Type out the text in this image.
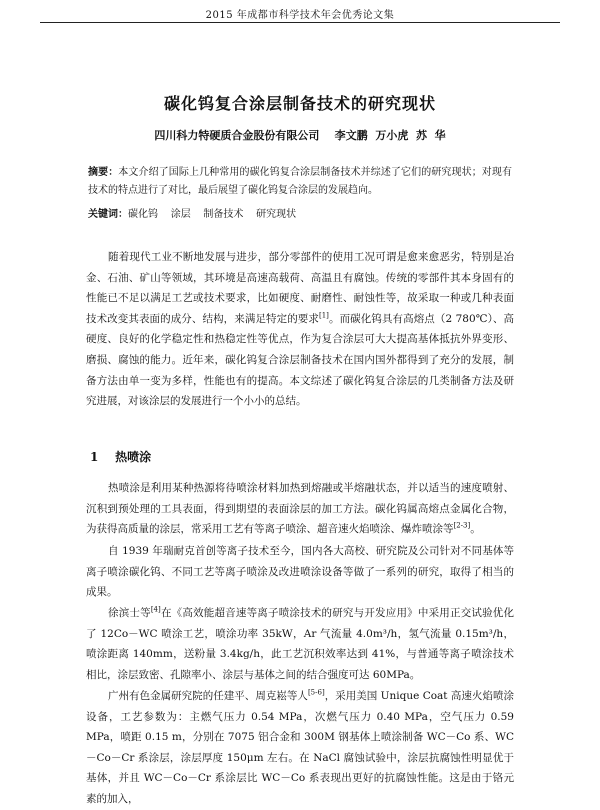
2015 年成都市科学技术年会优秀论文集
碳化钨复合涂层制备技术的研究现状
四川科力特硬质合金股份有限公司 李文鹏  万小虎  苏  华
摘要：本文介绍了国际上几种常用的碳化钨复合涂层制备技术并综述了它们的研究现状；对现有技术的特点进行了对比，最后展望了碳化钨复合涂层的发展趋向。
关键词：碳化钨    涂层    制备技术    研究现状
随着现代工业不断地发展与进步，部分零部件的使用工况可谓是愈来愈恶劣，特别是冶金、石油、矿山等领域，其环境是高速高载荷、高温且有腐蚀。传统的零部件其本身固有的性能已不足以满足工艺或技术要求，比如硬度、耐磨性、耐蚀性等，故采取一种或几种表面技术改变其表面的成分、结构，来满足特定的要求[1]。而碳化钨具有高熔点（2 780℃）、高硬度、良好的化学稳定性和热稳定性等优点，作为复合涂层可大大提高基体抵抗外界变形、磨损、腐蚀的能力。近年来，碳化钨复合涂层制备技术在国内国外都得到了充分的发展，制备方法由单一变为多样，性能也有的提高。本文综述了碳化钨复合涂层的几类制备方法及研究进展，对该涂层的发展进行一个小小的总结。
1 热喷涂
热喷涂是利用某种热源将待喷涂材料加热到熔融或半熔融状态，并以适当的速度喷射、沉积到预处理的工具表面，得到期望的表面涂层的加工方法。碳化钨属高熔点金属化合物，为获得高质量的涂层，常采用工艺有等离子喷涂、超音速火焰喷涂、爆炸喷涂等[2-3]。
自 1939 年瑞耐克首创等离子技术至今，国内各大高校、研究院及公司针对不同基体等离子喷涂碳化钨、不同工艺等离子喷涂及改进喷涂设备等做了一系列的研究，取得了相当的成果。
徐滨士等[4]在《高效能超音速等离子喷涂技术的研究与开发应用》中采用正交试验优化了 12Co－WC 喷涂工艺，喷涂功率 35kW，Ar 气流量 4.0m³/h，氢气流量 0.15m³/h，喷涂距离 140mm，送粉量 3.4kg/h，此工艺沉积效率达到 41%，与普通等离子喷涂技术相比，涂层致密、孔隙率小、涂层与基体之间的结合强度可达 60MPa。
广州有色金属研究院的任建平、周克崧等人[5-6]，采用美国 Unique Coat 高速火焰喷涂设备，工艺参数为：主燃气压力 0.54 MPa，次燃气压力 0.40 MPa，空气压力 0.59 MPa，喷距 0.15 m，分别在 7075 铝合金和 300M 钢基体上喷涂制备 WC－Co 系、WC－Co－Cr 系涂层，涂层厚度 150μm 左右。在 NaCl 腐蚀试验中，涂层抗腐蚀性明显优于基体，并且 WC－Co－Cr 系涂层比 WC－Co 系表现出更好的抗腐蚀性能。这是由于铬元素的加入，
